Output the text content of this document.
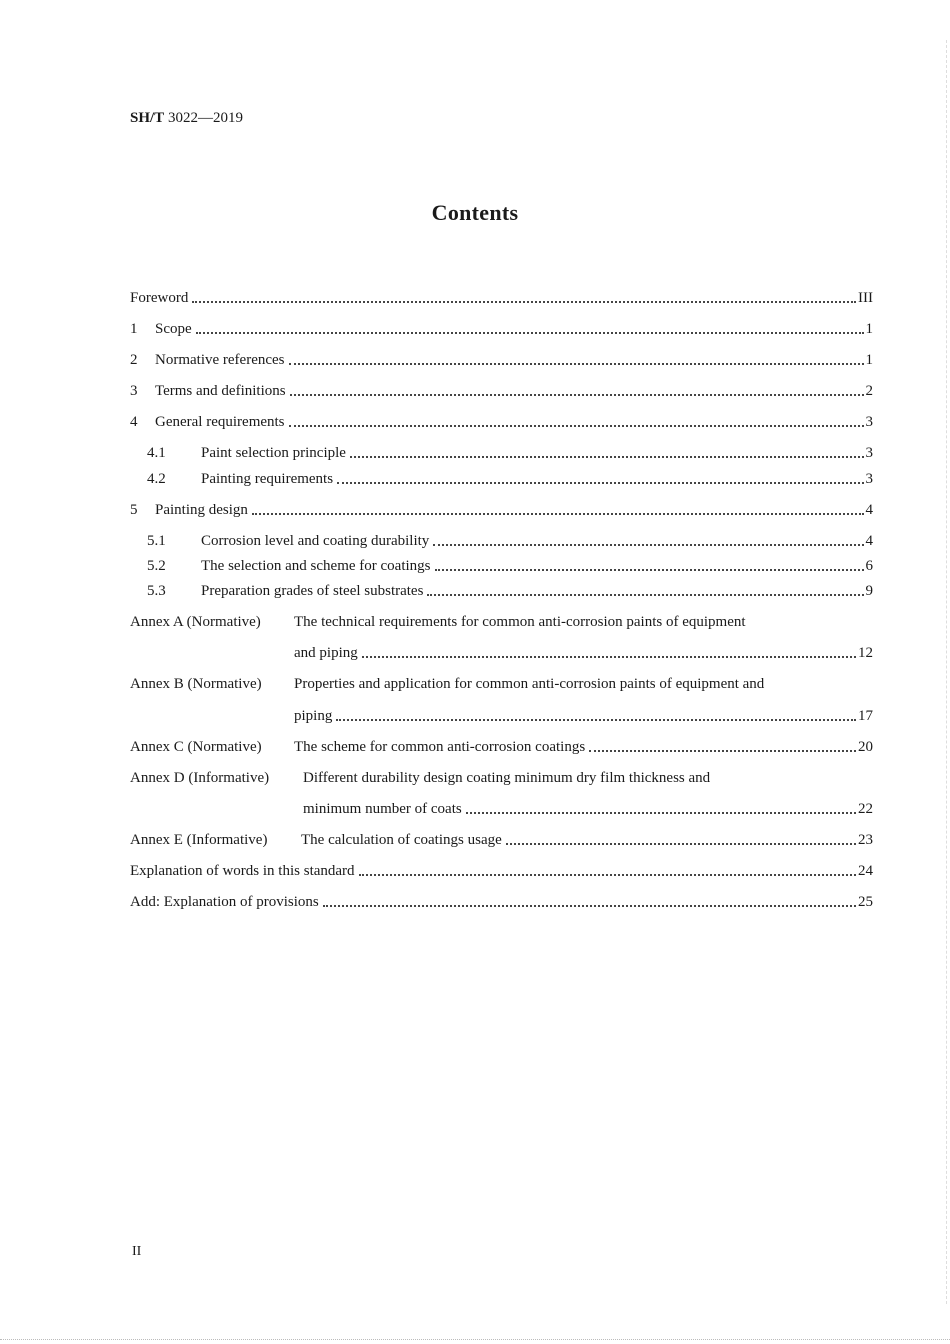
SH/T 3022—2019
Contents
Foreword	III
1	Scope	1
2	Normative references	1
3	Terms and definitions	2
4	General requirements	3
4.1	Paint selection principle	3
4.2	Painting requirements	3
5	Painting design	4
5.1	Corrosion level and coating durability	4
5.2	The selection and scheme for coatings	6
5.3	Preparation grades of steel substrates	9
Annex A (Normative)	The technical requirements for common anti-corrosion paints of equipment
and piping	12
Annex B (Normative)	Properties and application for common anti-corrosion paints of equipment and
piping	17
Annex C (Normative)	The scheme for common anti-corrosion coatings	20
Annex D (Informative)	Different durability design coating minimum dry film thickness and
minimum number of coats	22
Annex E (Informative)	The calculation of coatings usage	23
Explanation of words in this standard	24
Add: Explanation of provisions	25
II
